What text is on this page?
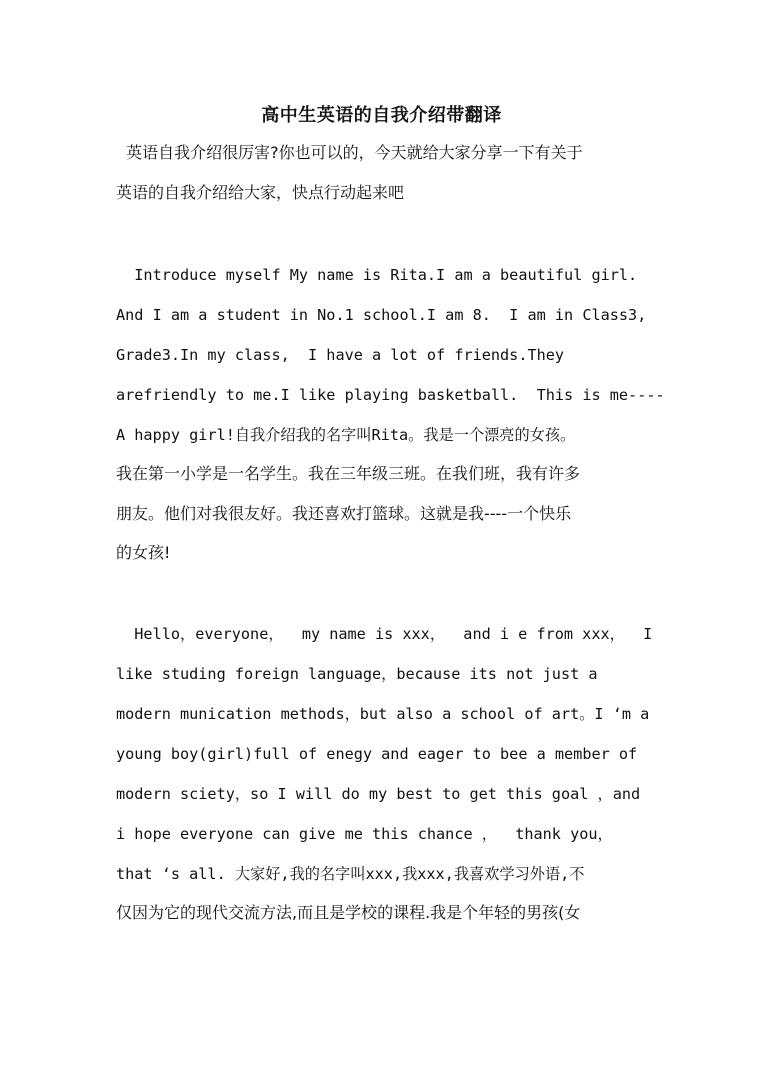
高中生英语的自我介绍带翻译
英语自我介绍很厉害?你也可以的，今天就给大家分享一下有关于
英语的自我介绍给大家，快点行动起来吧
Introduce myself My name is Rita.I am a beautiful girl.
And I am a student in No.1 school.I am 8.  I am in Class3,
Grade3.In my class,  I have a lot of friends.They
arefriendly to me.I like playing basketball.  This is me----
A happy girl!自我介绍我的名字叫Rita。我是一个漂亮的女孩。
我在第一小学是一名学生。我在三年级三班。在我们班，我有许多
朋友。他们对我很友好。我还喜欢打篮球。这就是我----一个快乐
的女孩!
Hello，everyone，  my name is xxx，  and i e from xxx，  I
like studing foreign language，because its not just a
modern munication methods，but also a school of art。I ‘m a
young boy(girl)full of enegy and eager to bee a member of
modern sciety，so I will do my best to get this goal ，and
i hope everyone can give me this chance ，  thank you，
that ‘s all. 大家好,我的名字叫xxx,我xxx,我喜欢学习外语,不
仅因为它的现代交流方法,而且是学校的课程.我是个年轻的男孩(女
